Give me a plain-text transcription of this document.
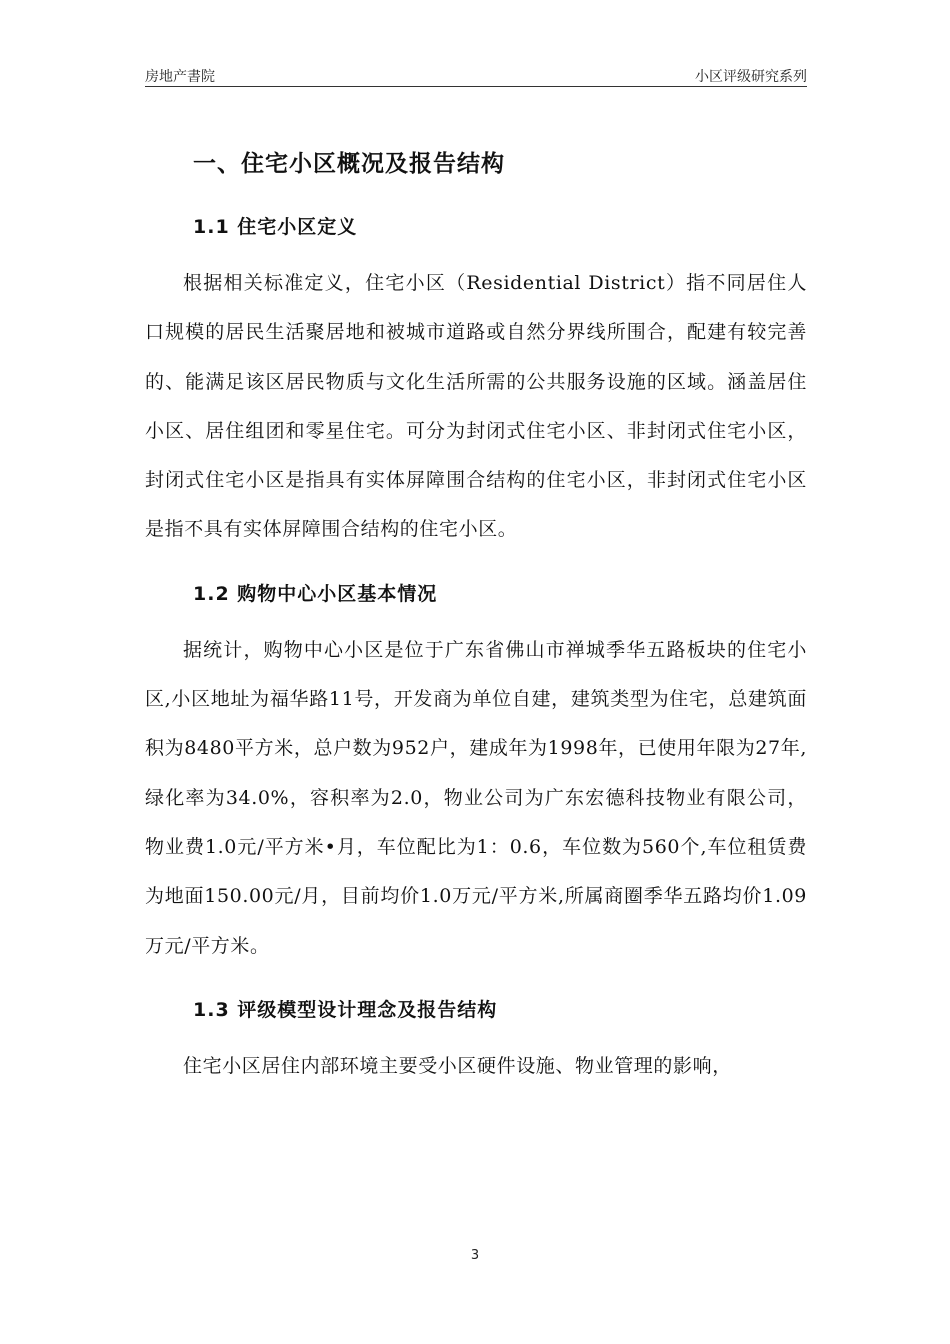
房地产書院	小区评级研究系列
一、住宅小区概况及报告结构
1.1 住宅小区定义

根据相关标准定义，住宅小区（Residential District）指不同居住人口规模的居民生活聚居地和被城市道路或自然分界线所围合，配建有较完善的、能满足该区居民物质与文化生活所需的公共服务设施的区域。涵盖居住小区、居住组团和零星住宅。可分为封闭式住宅小区、非封闭式住宅小区，封闭式住宅小区是指具有实体屏障围合结构的住宅小区，非封闭式住宅小区是指不具有实体屏障围合结构的住宅小区。

1.2 购物中心小区基本情况

据统计，购物中心小区是位于广东省佛山市禅城季华五路板块的住宅小区,小区地址为福华路11号，开发商为单位自建，建筑类型为住宅，总建筑面积为8480平方米，总户数为952户，建成年为1998年，已使用年限为27年,绿化率为34.0%，容积率为2.0，物业公司为广东宏德科技物业有限公司，物业费1.0元/平方米•月，车位配比为1：0.6，车位数为560个,车位租赁费为地面150.00元/月，目前均价1.0万元/平方米,所属商圈季华五路均价1.09万元/平方米。

1.3 评级模型设计理念及报告结构

住宅小区居住内部环境主要受小区硬件设施、物业管理的影响，

3
